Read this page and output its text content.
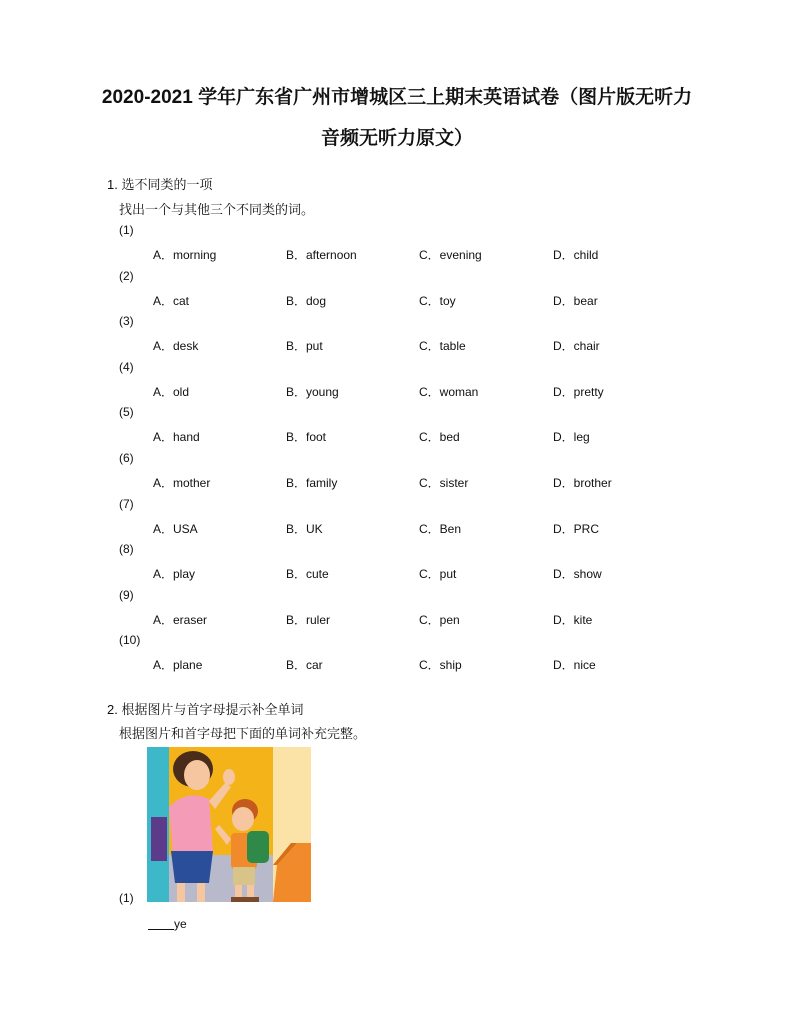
2020-2021 学年广东省广州市增城区三上期末英语试卷（图片版无听力
音频无听力原文）
1. 选不同类的一项
找出一个与其他三个不同类的词。
(1)
A．morning	B．afternoon	C．evening	D．child
(2)
A．cat	B．dog	C．toy	D．bear
(3)
A．desk	B．put	C．table	D．chair
(4)
A．old	B．young	C．woman	D．pretty
(5)
A．hand	B．foot	C．bed	D．leg
(6)
A．mother	B．family	C．sister	D．brother
(7)
A．USA	B．UK	C．Ben	D．PRC
(8)
A．play	B．cute	C．put	D．show
(9)
A．eraser	B．ruler	C．pen	D．kite
(10)
A．plane	B．car	C．ship	D．nice
2. 根据图片与首字母提示补全单词
根据图片和首字母把下面的单词补充完整。
(1)
ye
